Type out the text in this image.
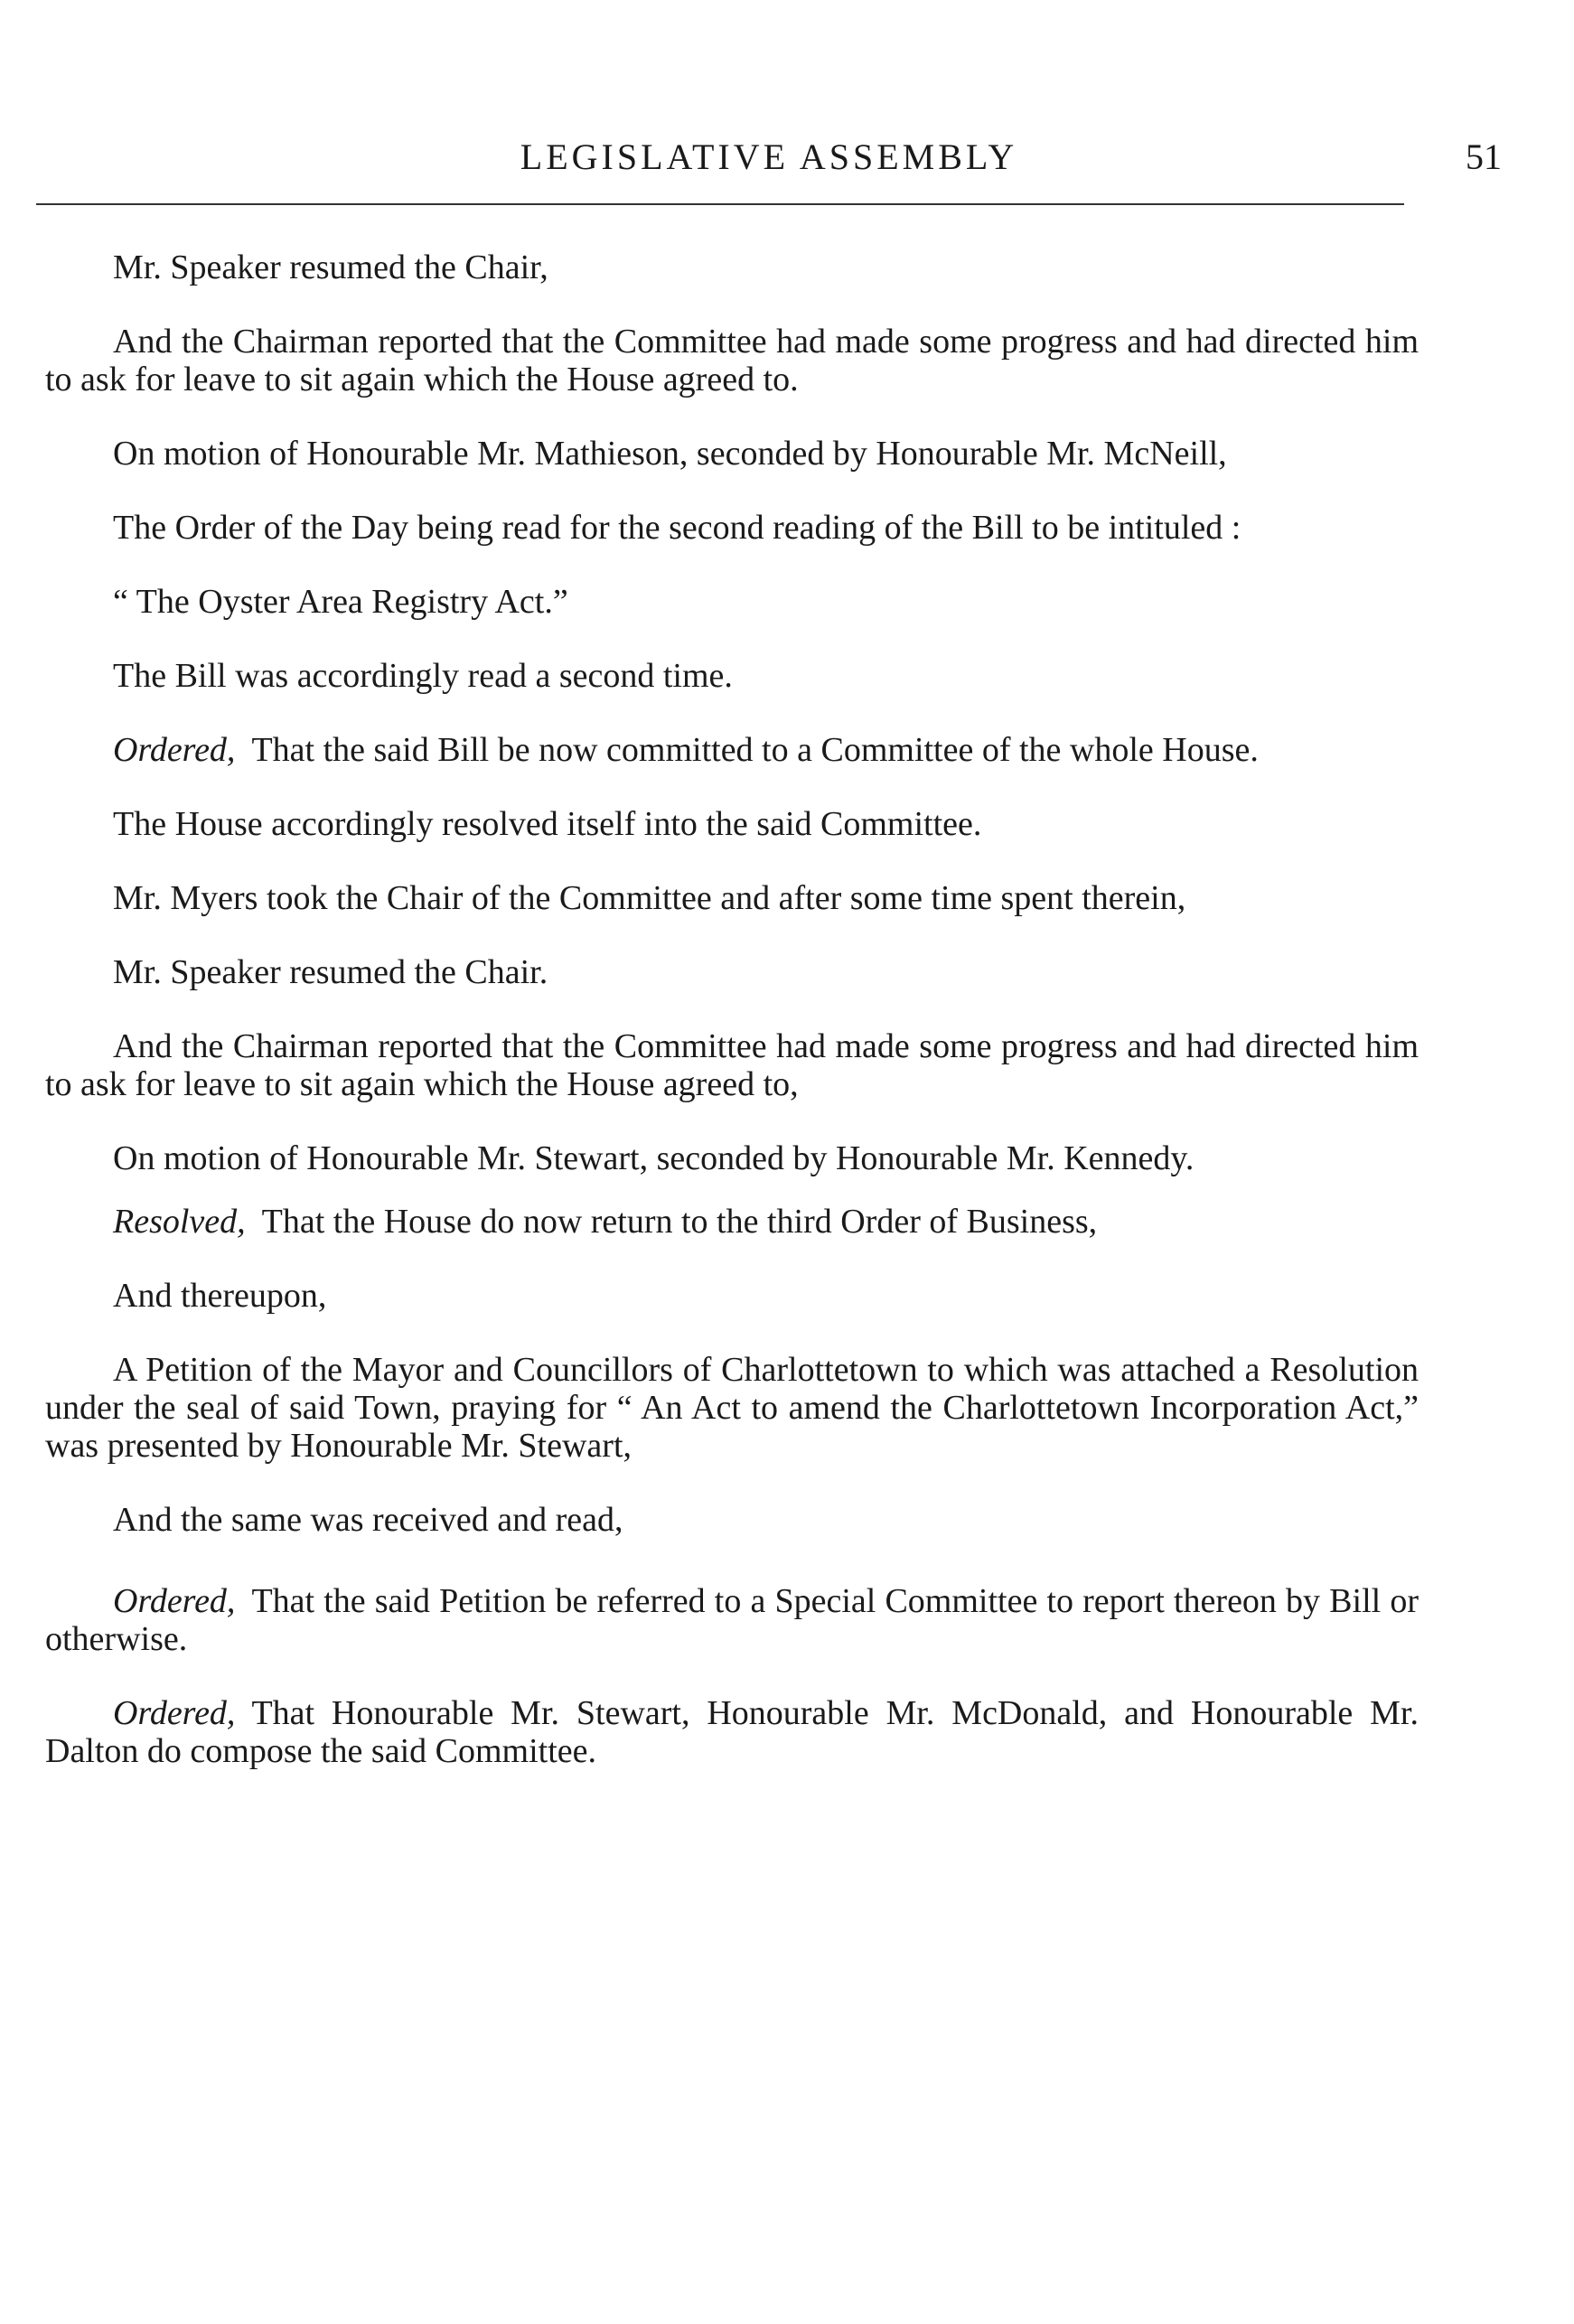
LEGISLATIVE ASSEMBLY	51

Mr. Speaker resumed the Chair,

And the Chairman reported that the Committee had made some progress and had directed him to ask for leave to sit again which the House agreed to.

On motion of Honourable Mr. Mathieson, seconded by Honourable Mr. McNeill,

The Order of the Day being read for the second reading of the Bill to be intituled :

“ The Oyster Area Registry Act.”

The Bill was accordingly read a second time.

Ordered, That the said Bill be now committed to a Committee of the whole House.

The House accordingly resolved itself into the said Committee.

Mr. Myers took the Chair of the Committee and after some time spent therein,

Mr. Speaker resumed the Chair.

And the Chairman reported that the Committee had made some progress and had directed him to ask for leave to sit again which the House agreed to,

On motion of Honourable Mr. Stewart, seconded by Honourable Mr. Kennedy.

Resolved, That the House do now return to the third Order of Business,

And thereupon,

A Petition of the Mayor and Councillors of Charlottetown to which was attached a Resolution under the seal of said Town, praying for “ An Act to amend the Charlottetown Incorporation Act,” was presented by Honourable Mr. Stewart,

And the same was received and read,

Ordered, That the said Petition be referred to a Special Committee to report thereon by Bill or otherwise.

Ordered, That Honourable Mr. Stewart, Honourable Mr. McDonald, and Honourable Mr. Dalton do compose the said Committee.
